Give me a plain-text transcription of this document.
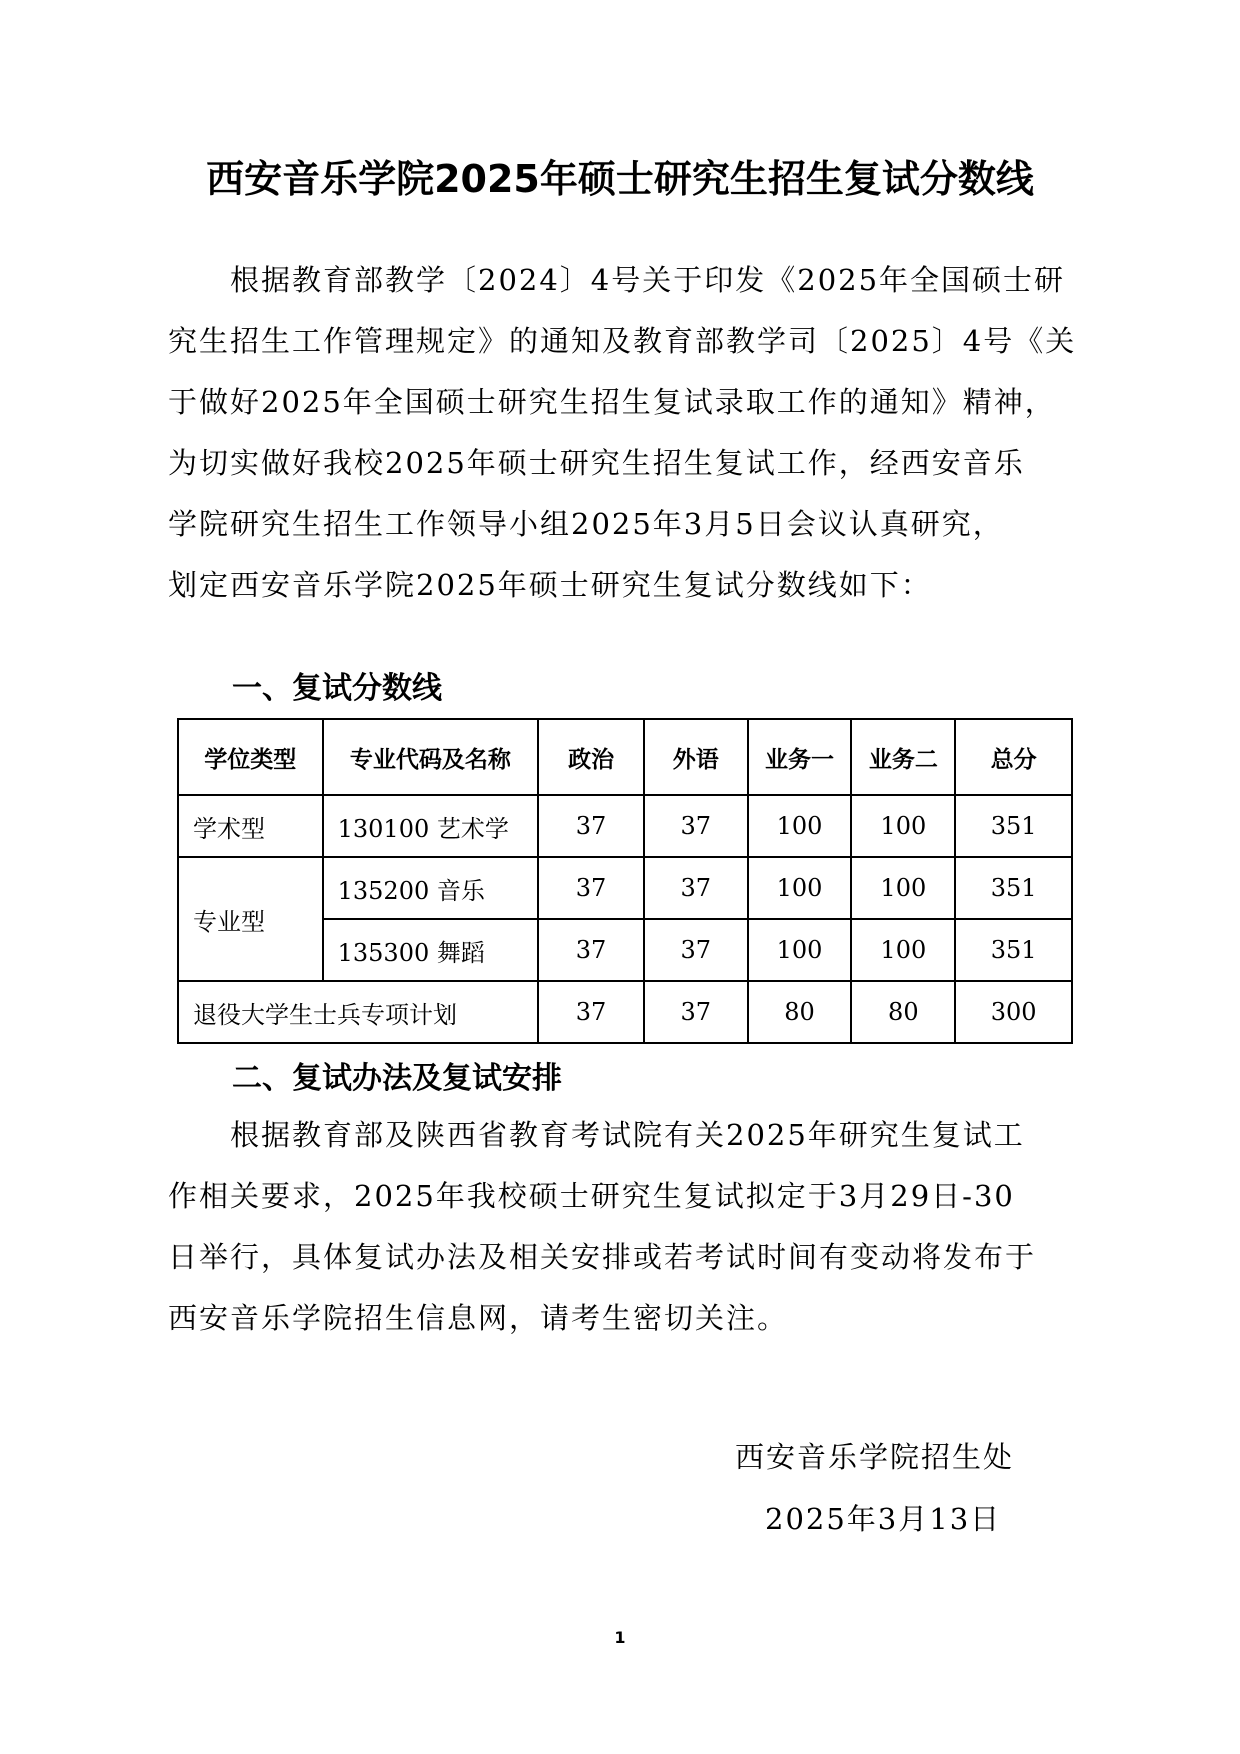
西安音乐学院2025年硕士研究生招生复试分数线
根据教育部教学〔2024〕4号关于印发《2025年全国硕士研
究生招生工作管理规定》的通知及教育部教学司〔2025〕4号《关
于做好2025年全国硕士研究生招生复试录取工作的通知》精神，
为切实做好我校2025年硕士研究生招生复试工作，经西安音乐
学院研究生招生工作领导小组2025年3月5日会议认真研究，
划定西安音乐学院2025年硕士研究生复试分数线如下：
一、复试分数线
学位类型	专业代码及名称	政治	外语	业务一	业务二	总分
学术型	130100 艺术学	37	37	100	100	351
专业型	135200 音乐	37	37	100	100	351
	135300 舞蹈	37	37	100	100	351
退役大学生士兵专项计划		37	37	80	80	300
二、复试办法及复试安排
根据教育部及陕西省教育考试院有关2025年研究生复试工
作相关要求，2025年我校硕士研究生复试拟定于3月29日-30
日举行，具体复试办法及相关安排或若考试时间有变动将发布于
西安音乐学院招生信息网，请考生密切关注。
西安音乐学院招生处
2025年3月13日
1
